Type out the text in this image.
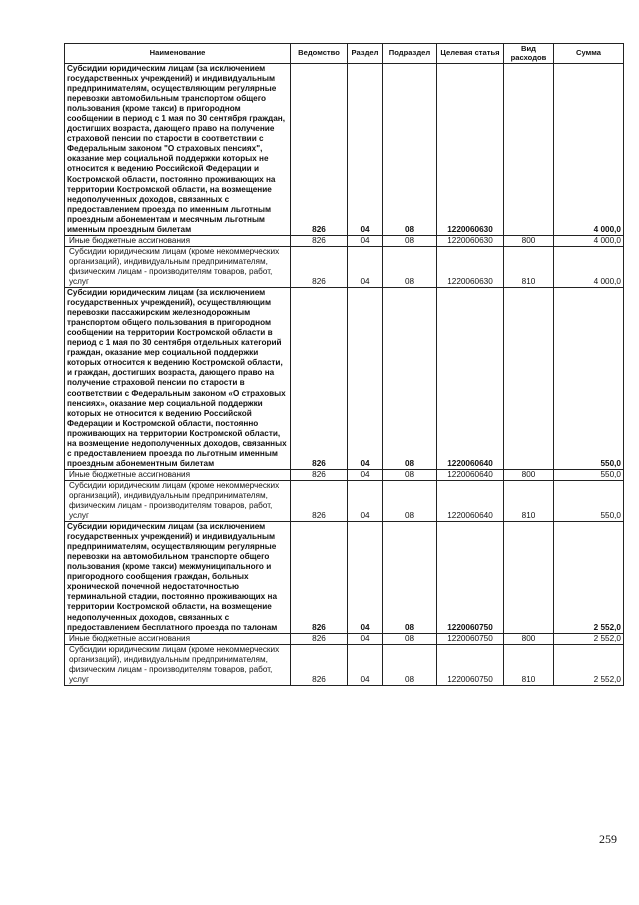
Наименование	Ведомство	Раздел	Подраздел	Целевая статья	Вид расходов	Сумма
Субсидии юридическим лицам (за исключением государственных учреждений) и индивидуальным предпринимателям, осуществляющим регулярные перевозки автомобильным транспортом общего пользования (кроме такси) в пригородном сообщении в период с 1 мая по 30 сентября граждан, достигших возраста, дающего право на получение страховой пенсии по старости в соответствии с Федеральным законом "О страховых пенсиях", оказание мер социальной поддержки которых не относится к ведению Российской Федерации и Костромской области, постоянно проживающих на территории Костромской области, на возмещение недополученных доходов, связанных с предоставлением проезда по именным льготным проездным абонементам и месячным льготным именным проездным билетам	826	04	08	1220060630		4 000,0
Иные бюджетные ассигнования	826	04	08	1220060630	800	4 000,0
Субсидии юридическим лицам (кроме некоммерческих организаций), индивидуальным предпринимателям, физическим лицам - производителям товаров, работ, услуг	826	04	08	1220060630	810	4 000,0
Субсидии юридическим лицам (за исключением государственных учреждений), осуществляющим перевозки пассажирским железнодорожным транспортом общего пользования в пригородном сообщении на территории Костромской области в период с 1 мая по 30 сентября отдельных категорий граждан, оказание мер социальной поддержки которых относится к ведению Костромской области, и граждан, достигших возраста, дающего право на получение страховой пенсии по старости в соответствии с Федеральным законом «О страховых пенсиях», оказание мер социальной поддержки которых не относится к ведению Российской Федерации и Костромской области, постоянно проживающих на территории Костромской области, на возмещение недополученных доходов, связанных с предоставлением проезда по льготным именным проездным абонементным билетам	826	04	08	1220060640		550,0
Иные бюджетные ассигнования	826	04	08	1220060640	800	550,0
Субсидии юридическим лицам (кроме некоммерческих организаций), индивидуальным предпринимателям, физическим лицам - производителям товаров, работ, услуг	826	04	08	1220060640	810	550,0
Субсидии юридическим лицам (за исключением государственных учреждений) и индивидуальным предпринимателям, осуществляющим регулярные перевозки на автомобильном транспорте общего пользования (кроме такси) межмуниципального и пригородного сообщения граждан, больных хронической почечной недостаточностью терминальной стадии, постоянно проживающих на территории Костромской области, на возмещение недополученных доходов, связанных с предоставлением бесплатного проезда по талонам	826	04	08	1220060750		2 552,0
Иные бюджетные ассигнования	826	04	08	1220060750	800	2 552,0
Субсидии юридическим лицам (кроме некоммерческих организаций), индивидуальным предпринимателям, физическим лицам - производителям товаров, работ, услуг	826	04	08	1220060750	810	2 552,0
259
